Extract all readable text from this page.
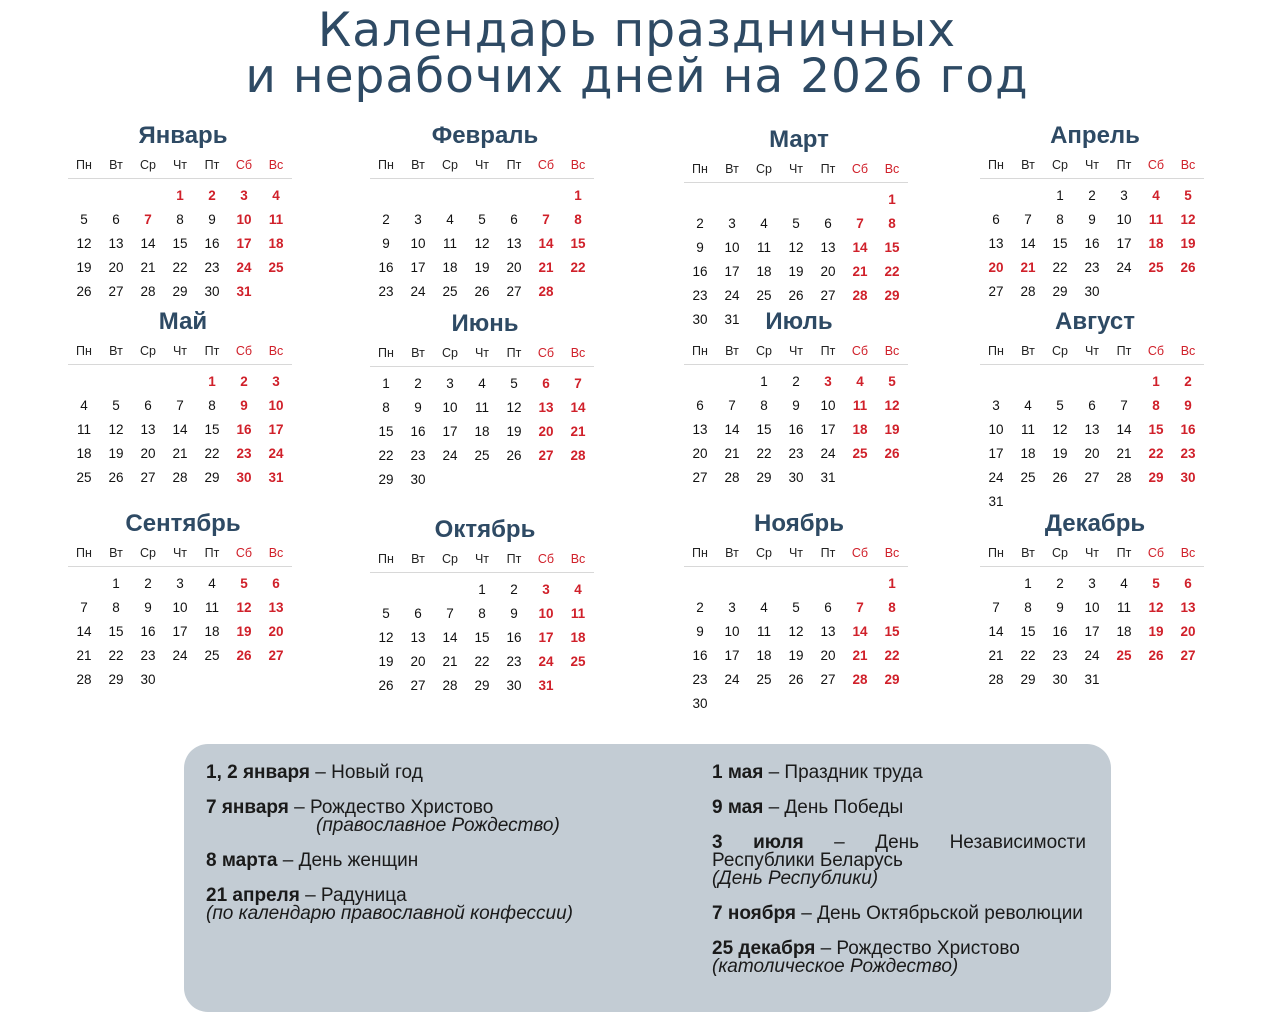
Календарь праздничных
и нерабочих дней на 2026 год
Январь
Пн	Вт	Ср	Чт	Пт	Сб	Вс
			1	2	3	4
5	6	7	8	9	10	11
12	13	14	15	16	17	18
19	20	21	22	23	24	25
26	27	28	29	30	31	
Февраль
Пн	Вт	Ср	Чт	Пт	Сб	Вс
						1
2	3	4	5	6	7	8
9	10	11	12	13	14	15
16	17	18	19	20	21	22
23	24	25	26	27	28	
Март
Пн	Вт	Ср	Чт	Пт	Сб	Вс
						1
2	3	4	5	6	7	8
9	10	11	12	13	14	15
16	17	18	19	20	21	22
23	24	25	26	27	28	29
30	31					
Апрель
Пн	Вт	Ср	Чт	Пт	Сб	Вс
		1	2	3	4	5
6	7	8	9	10	11	12
13	14	15	16	17	18	19
20	21	22	23	24	25	26
27	28	29	30			
Май
Пн	Вт	Ср	Чт	Пт	Сб	Вс
				1	2	3
4	5	6	7	8	9	10
11	12	13	14	15	16	17
18	19	20	21	22	23	24
25	26	27	28	29	30	31
Июнь
Пн	Вт	Ср	Чт	Пт	Сб	Вс
1	2	3	4	5	6	7
8	9	10	11	12	13	14
15	16	17	18	19	20	21
22	23	24	25	26	27	28
29	30					
Июль
Пн	Вт	Ср	Чт	Пт	Сб	Вс
		1	2	3	4	5
6	7	8	9	10	11	12
13	14	15	16	17	18	19
20	21	22	23	24	25	26
27	28	29	30	31		
Август
Пн	Вт	Ср	Чт	Пт	Сб	Вс
					1	2
3	4	5	6	7	8	9
10	11	12	13	14	15	16
17	18	19	20	21	22	23
24	25	26	27	28	29	30
31						
Сентябрь
Пн	Вт	Ср	Чт	Пт	Сб	Вс
	1	2	3	4	5	6
7	8	9	10	11	12	13
14	15	16	17	18	19	20
21	22	23	24	25	26	27
28	29	30				
Октябрь
Пн	Вт	Ср	Чт	Пт	Сб	Вс
			1	2	3	4
5	6	7	8	9	10	11
12	13	14	15	16	17	18
19	20	21	22	23	24	25
26	27	28	29	30	31	
Ноябрь
Пн	Вт	Ср	Чт	Пт	Сб	Вс
						1
2	3	4	5	6	7	8
9	10	11	12	13	14	15
16	17	18	19	20	21	22
23	24	25	26	27	28	29
30						
Декабрь
Пн	Вт	Ср	Чт	Пт	Сб	Вс
	1	2	3	4	5	6
7	8	9	10	11	12	13
14	15	16	17	18	19	20
21	22	23	24	25	26	27
28	29	30	31			
1, 2 января – Новый год
7 января – Рождество Христово
(православное Рождество)
8 марта – День женщин
21 апреля – Радуница
(по календарю православной конфессии)
1 мая – Праздник труда
9 мая – День Победы
3 июля – День Независимости Республики Беларусь
(День Республики)
7 ноября – День Октябрьской революции
25 декабря – Рождество Христово
(католическое Рождество)
